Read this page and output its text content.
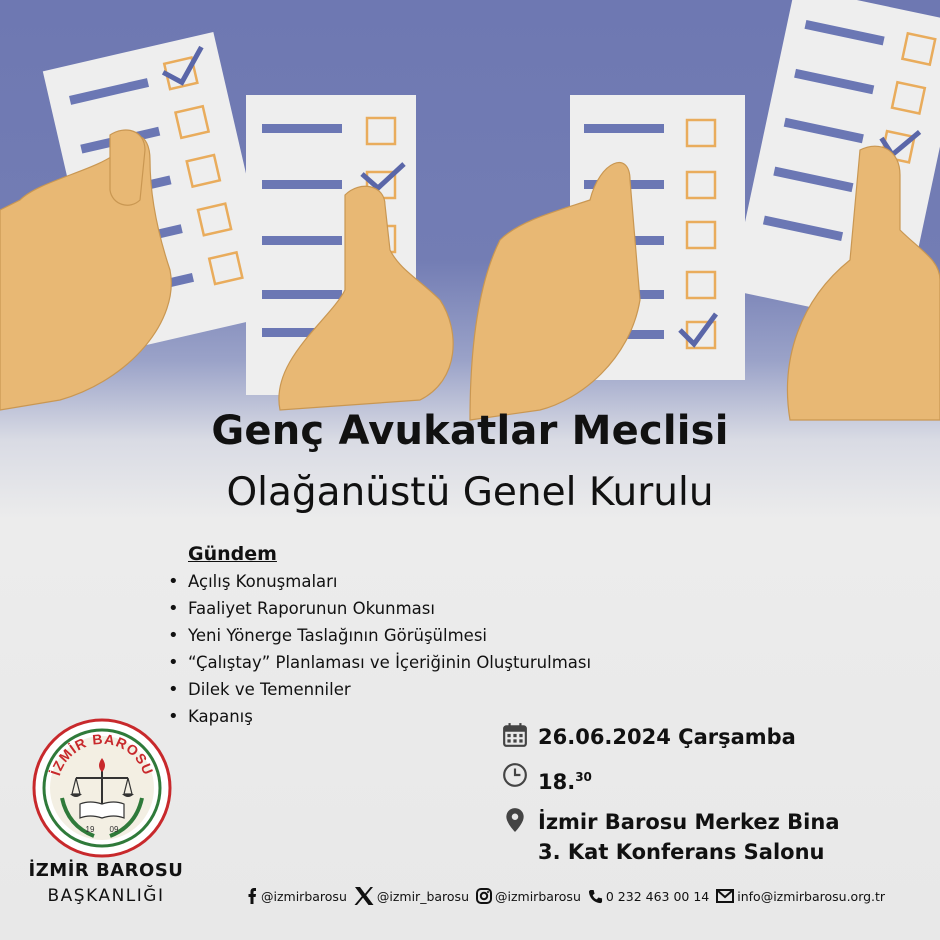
Genç Avukatlar Meclisi
Olağanüstü Genel Kurulu
Gündem
• Açılış Konuşmaları
• Faaliyet Raporunun Okunması
• Yeni Yönerge Taslağının Görüşülmesi
• “Çalıştay” Planlaması ve İçeriğinin Oluşturulması
• Dilek ve Temenniler
• Kapanış
İZMİR BAROSU
19 09
İZMİR BAROSU
BAŞKANLIĞI
26.06.2024 Çarşamba
18.30
İzmir Barosu Merkez Bina
3. Kat Konferans Salonu
@izmirbarosu @izmir_barosu @izmirbarosu 0 232 463 00 14 info@izmirbarosu.org.tr
